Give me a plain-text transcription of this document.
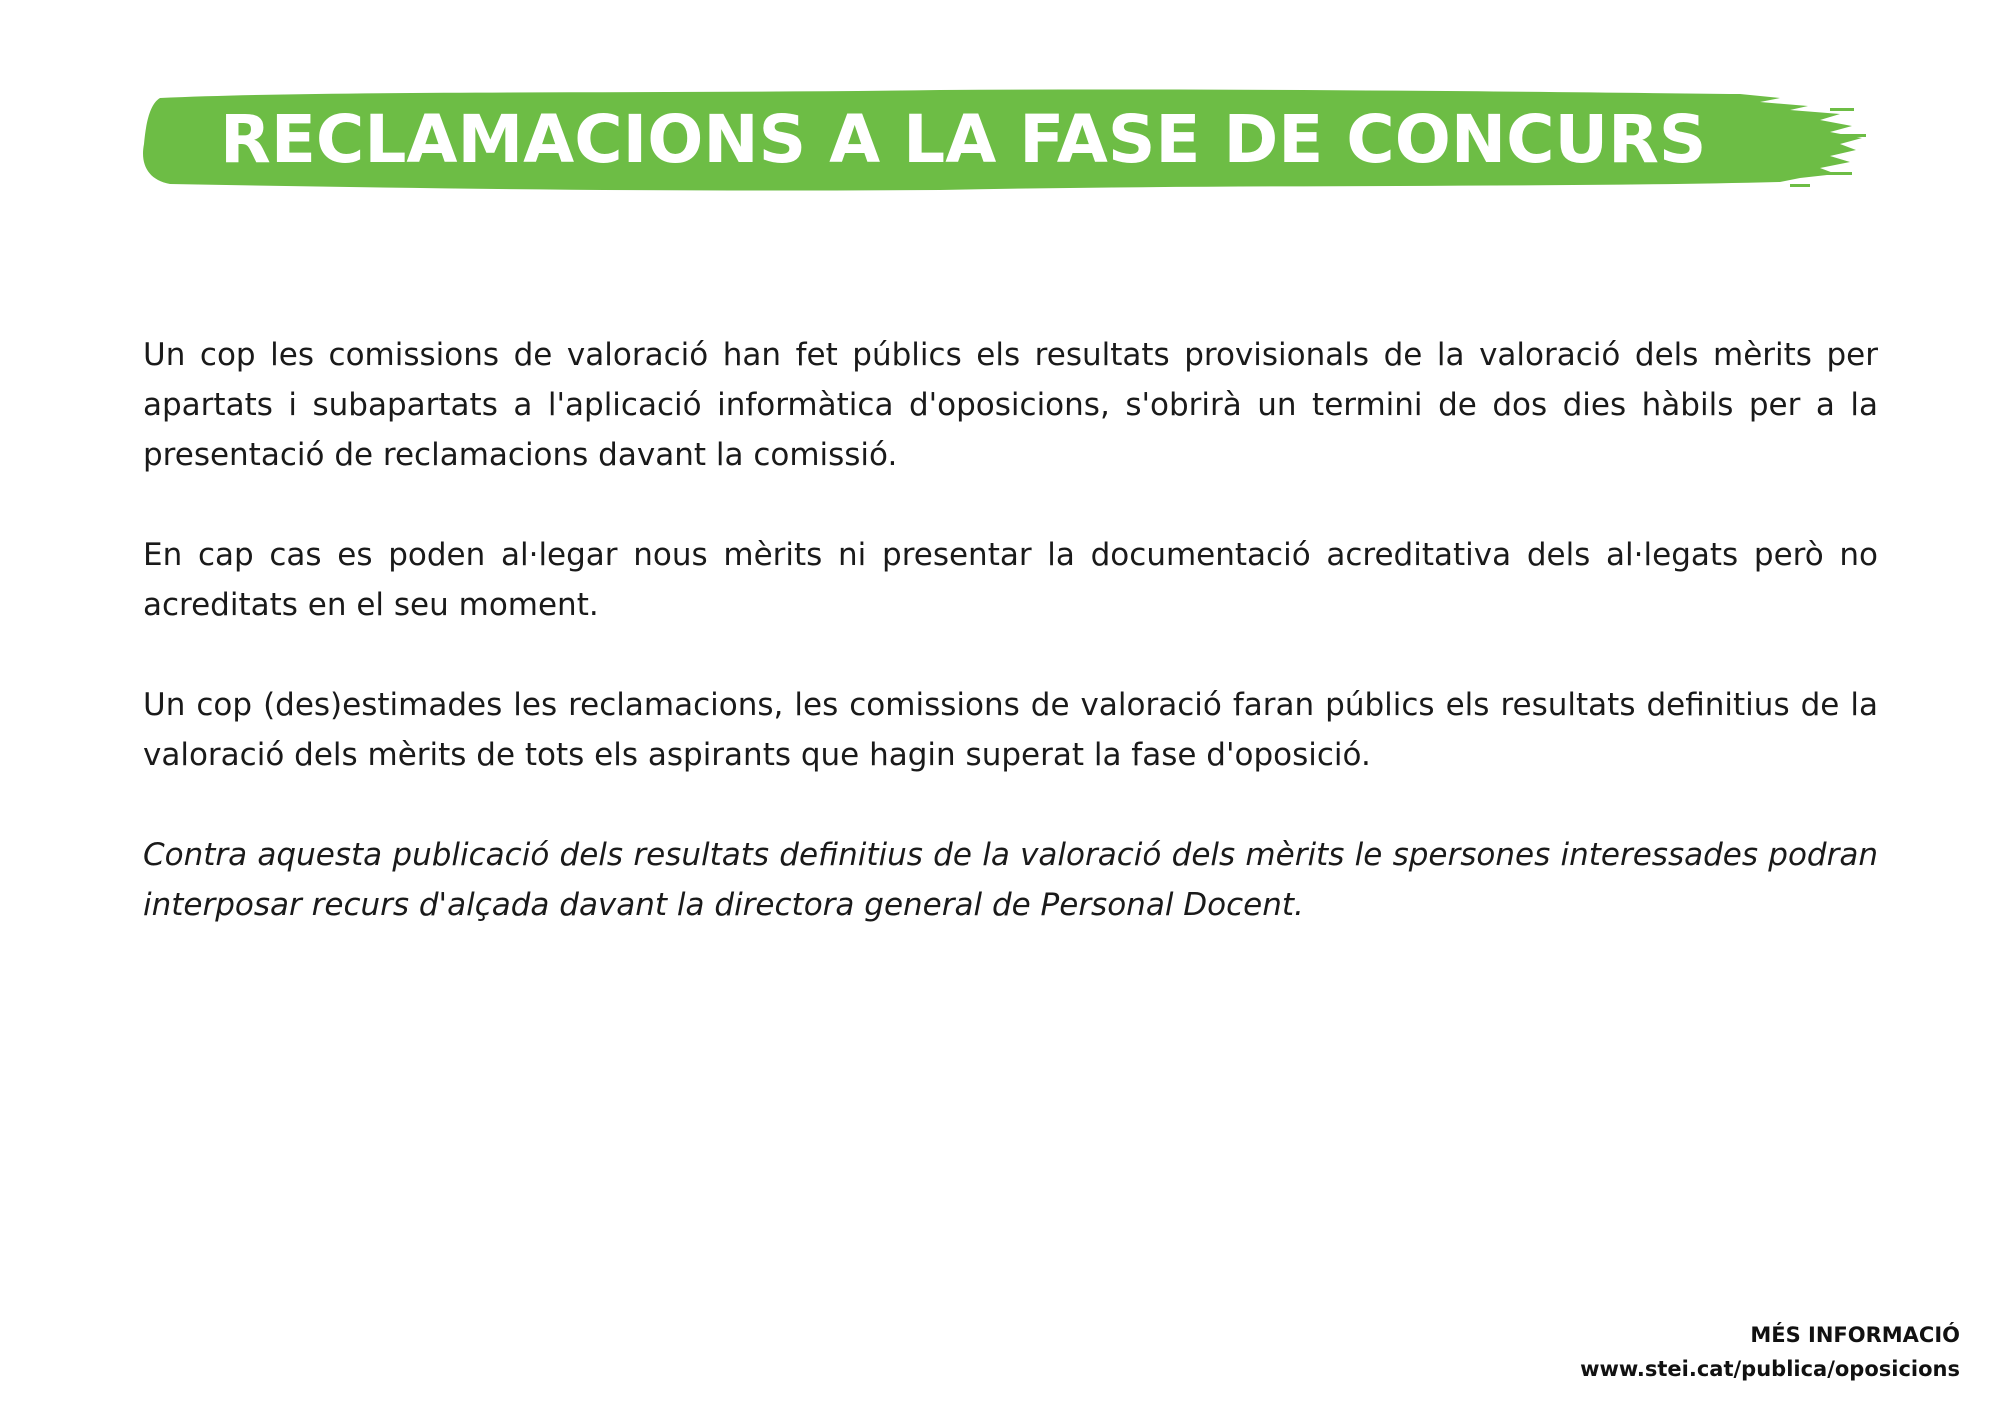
RECLAMACIONS A LA FASE DE CONCURS

Un cop les comissions de valoració han fet públics els resultats provisionals de la valoració dels mèrits per apartats i subapartats a l'aplicació informàtica d'oposicions, s'obrirà un termini de dos dies hàbils per a la presentació de reclamacions davant la comissió.

En cap cas es poden al·legar nous mèrits ni presentar la documentació acreditativa dels al·legats però no acreditats en el seu moment.

Un cop (des)estimades les reclamacions, les comissions de valoració faran públics els resultats definitius de la valoració dels mèrits de tots els aspirants que hagin superat la fase d'oposició.

Contra aquesta publicació dels resultats definitius de la valoració dels mèrits le spersones interessades podran interposar recurs d'alçada davant la directora general de Personal Docent.

MÉS INFORMACIÓ
www.stei.cat/publica/oposicions
